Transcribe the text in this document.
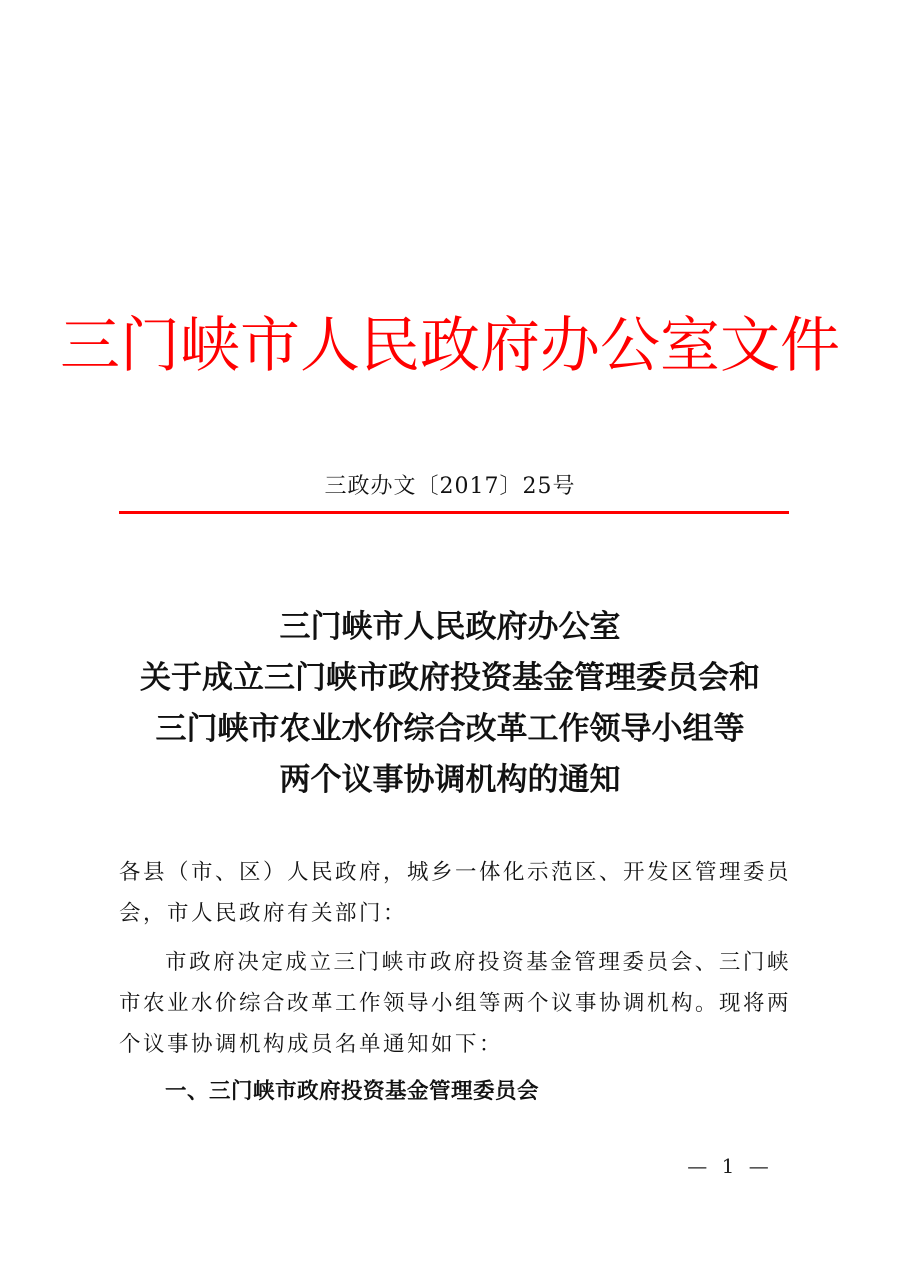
三门峡市人民政府办公室文件
三政办文〔2017〕25号
三门峡市人民政府办公室
关于成立三门峡市政府投资基金管理委员会和
三门峡市农业水价综合改革工作领导小组等
两个议事协调机构的通知
各县（市、区）人民政府，城乡一体化示范区、开发区管理委员会，市人民政府有关部门：
市政府决定成立三门峡市政府投资基金管理委员会、三门峡市农业水价综合改革工作领导小组等两个议事协调机构。现将两个议事协调机构成员名单通知如下：
一、三门峡市政府投资基金管理委员会
— 1 —
